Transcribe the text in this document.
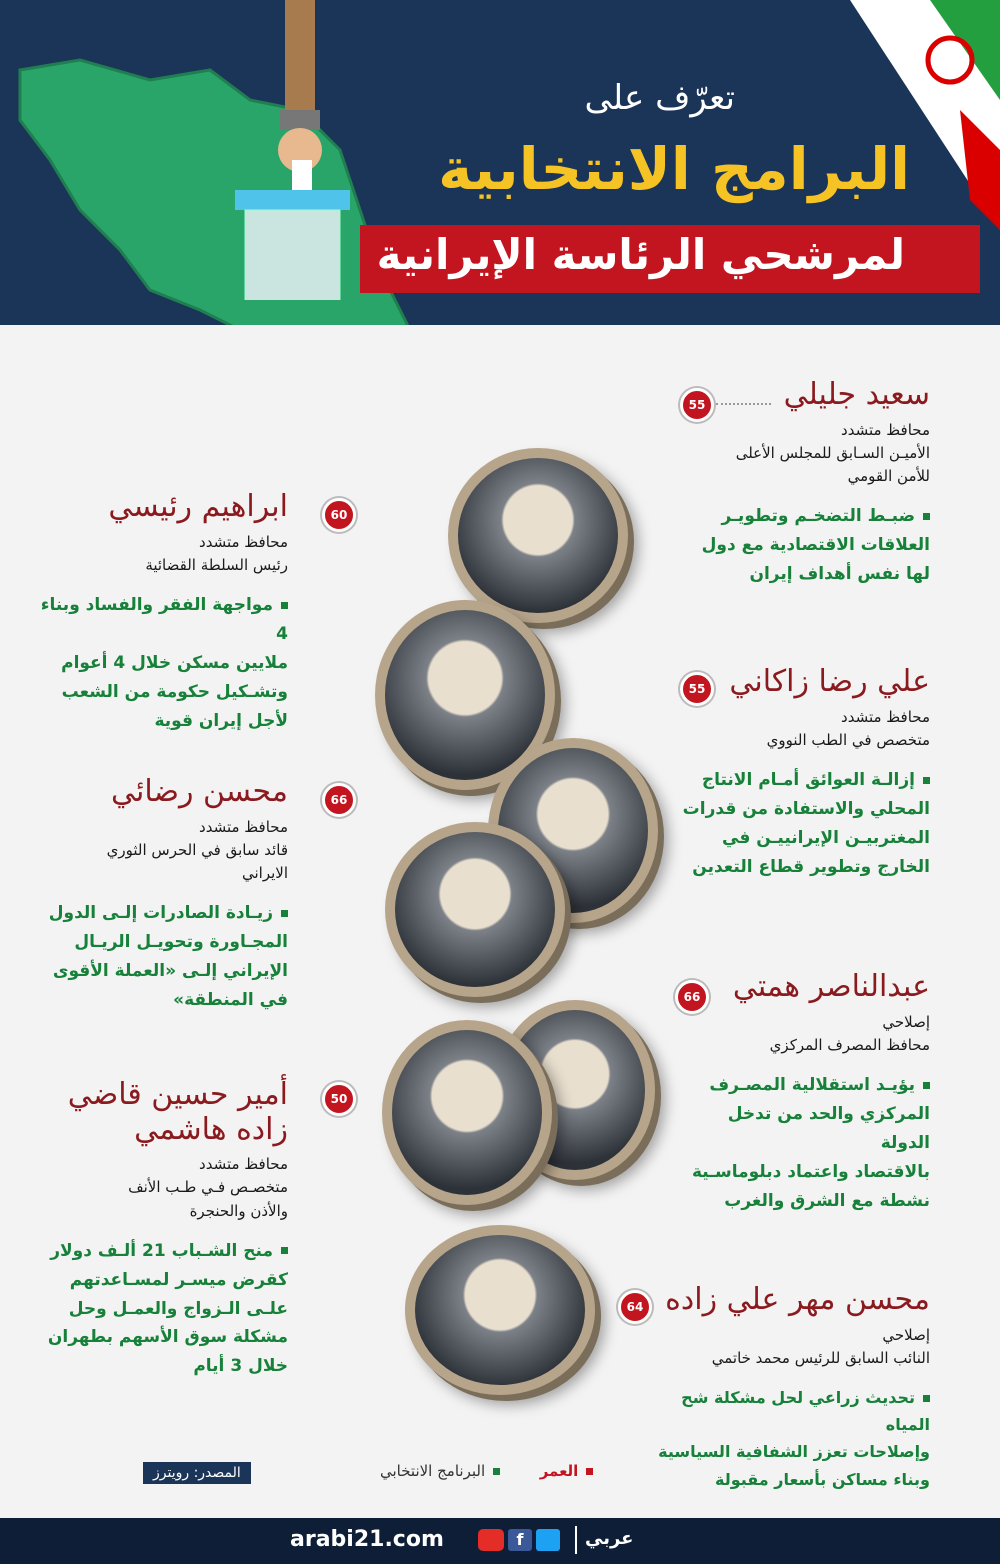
تعرّف على
البرامج الانتخابية
لمرشحي الرئاسة الإيرانية
55	سعيد جليلي
محافظ متشدد
الأميـن السـابق للمجلس الأعلى
للأمن القومي
ضبـط التضخـم وتطويـر
العلاقات الاقتصادية مع دول
لها نفس أهداف إيران
60
ابراهيم رئيسي
محافظ متشدد
رئيس السلطة القضائية
مواجهة الفقر والفساد وبناء 4
ملايين مسكن خلال 4 أعوام
وتشـكيل حكومة من الشعب
لأجل إيران قوية
55 علي رضا زاكاني
محافظ متشدد
متخصص في الطب النووي
إزالـة العوائق أمـام الانتاج
المحلي والاستفادة من قدرات
المغتربيـن الإيرانييـن في
الخارج وتطوير قطاع التعدين
66
محسن رضائي
محافظ متشدد
قائد سابق في الحرس الثوري
الايراني
زيـادة الصادرات إلـى الدول
المجـاورة وتحويـل الريـال
الإيراني إلـى «العملة الأقوى
في المنطقة»	66	عبدالناصر همتي
إصلاحي
محافظ المصرف المركزي
يؤيـد استقلالية المصـرف
المركزي والحد من تدخل الدولة
بالاقتصاد واعتماد دبلوماسـية
نشطة مع الشرق والغرب
50
أمير حسين قاضي
زاده هاشمي
محافظ متشدد
متخصـص فـي طـب الأنف
والأذن والحنجرة
منح الشـباب 21 ألـف دولار
كقرض ميسـر لمسـاعدتهم
علـى الـزواج والعمـل وحل
مشكلة سوق الأسهم بطهران
خلال 3 أيام
64 محسن مهر علي زاده
إصلاحي
النائب السابق للرئيس محمد خاتمي
تحديث زراعي لحل مشكلة شح المياه
وإصلاحات تعزز الشفافية السياسية
وبناء مساكن بأسعار مقبولة
العمر  البرنامج الانتخابي
المصدر: رويترز
arabi21.com	f	عربي
